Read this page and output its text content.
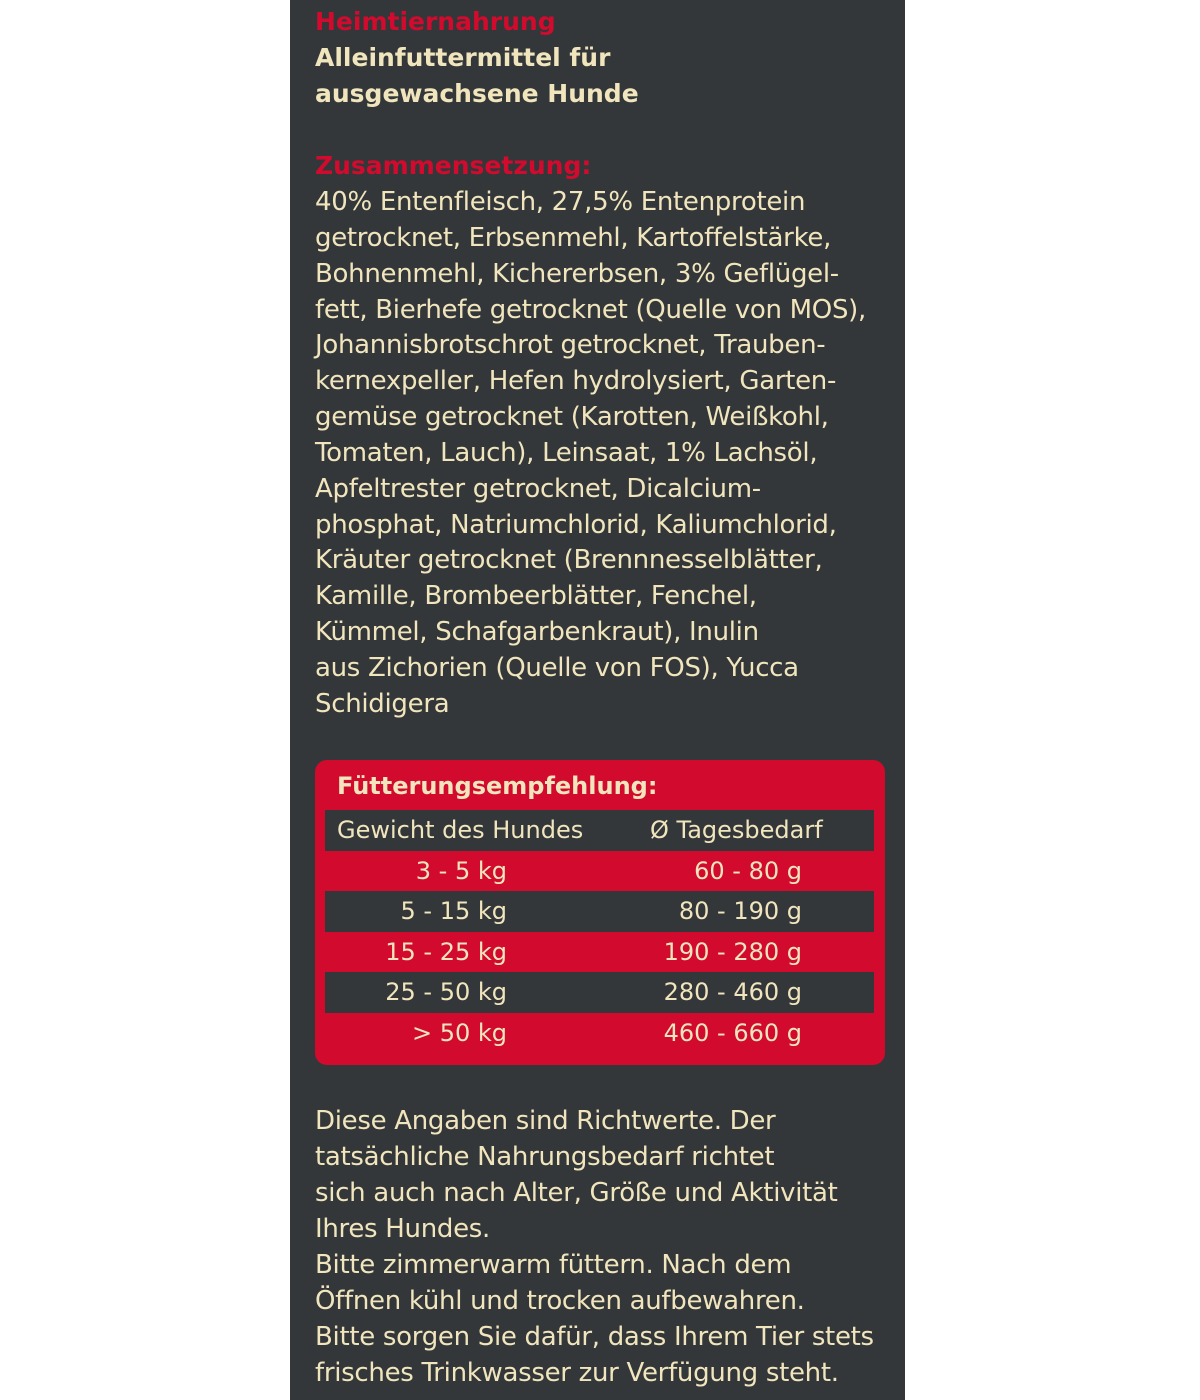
Heimtiernahrung
Alleinfuttermittel für
ausgewachsene Hunde
Zusammensetzung:

40% Entenfleisch, 27,5% Entenprotein
getrocknet, Erbsenmehl, Kartoffelstärke,
Bohnenmehl, Kichererbsen, 3% Geflügel-
fett, Bierhefe getrocknet (Quelle von MOS),
Johannisbrotschrot getrocknet, Trauben-
kernexpeller, Hefen hydrolysiert, Garten-
gemüse getrocknet (Karotten, Weißkohl,
Tomaten, Lauch), Leinsaat, 1% Lachsöl,
Apfeltrester getrocknet, Dicalcium-
phosphat, Natriumchlorid, Kaliumchlorid,
Kräuter getrocknet (Brennnesselblätter,
Kamille, Brombeerblätter, Fenchel,
Kümmel, Schafgarbenkraut), Inulin
aus Zichorien (Quelle von FOS), Yucca
Schidigera

Fütterungsempfehlung:
Gewicht des Hundes	Ø Tagesbedarf
3 - 5 kg	60 - 80 g
5 - 15 kg	80 - 190 g
15 - 25 kg	190 - 280 g
25 - 50 kg	280 - 460 g
> 50 kg	460 - 660 g

Diese Angaben sind Richtwerte. Der
tatsächliche Nahrungsbedarf richtet
sich auch nach Alter, Größe und Aktivität
Ihres Hundes.
Bitte zimmerwarm füttern. Nach dem
Öffnen kühl und trocken aufbewahren.
Bitte sorgen Sie dafür, dass Ihrem Tier stets
frisches Trinkwasser zur Verfügung steht.
